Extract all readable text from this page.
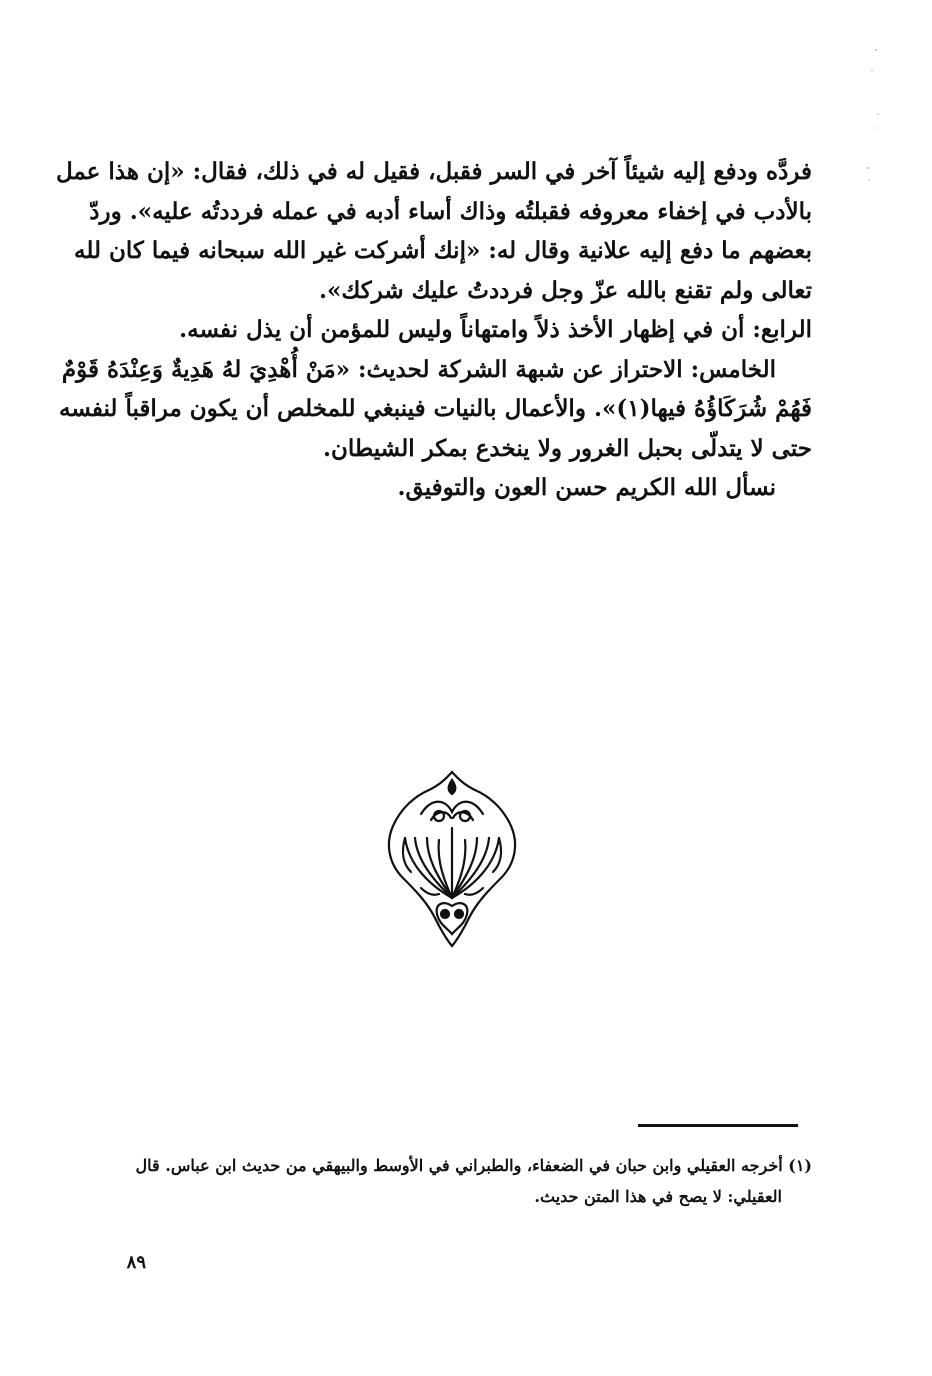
فردَّه ودفع إليه شيئاً آخر في السر فقبل، فقيل له في ذلك، فقال: «إن هذا عمل
بالأدب في إخفاء معروفه فقبلتُه وذاك أساء أدبه في عمله فرددتُه عليه». وردّ
بعضهم ما دفع إليه علانية وقال له: «إنك أشركت غير الله سبحانه فيما كان لله
تعالى ولم تقنع بالله عزّ وجل فرددتُ عليك شركك».

الرابع: أن في إظهار الأخذ ذلاً وامتهاناً وليس للمؤمن أن يذل نفسه.

الخامس: الاحتراز عن شبهة الشركة لحديث: «مَنْ أُهْدِيَ لهُ هَدِيةٌ وَعِنْدَهُ قَوْمٌ

فَهُمْ شُرَكَاؤُهُ فيها(١)». والأعمال بالنيات فينبغي للمخلص أن يكون مراقباً لنفسه
حتى لا يتدلّى بحبل الغرور ولا ينخدع بمكر الشيطان.

نسأل الله الكريم حسن العون والتوفيق.

(١) أخرجه العقيلي وابن حبان في الضعفاء، والطبراني في الأوسط والبيهقي من حديث ابن عباس. قال
العقيلي: لا يصح في هذا المتن حديث.
٨٩
